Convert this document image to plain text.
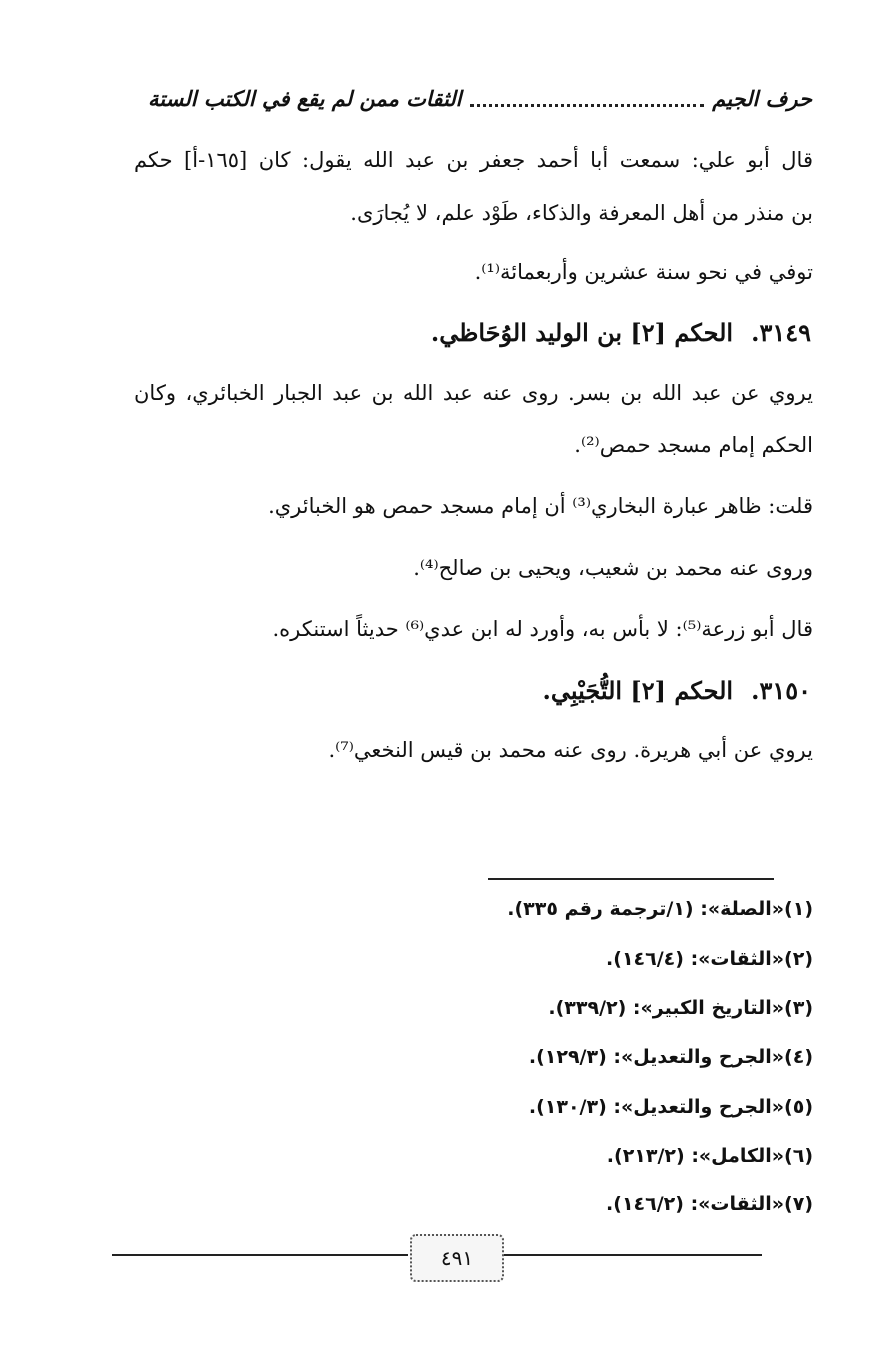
حرف الجيم
الثقات ممن لم يقع في الكتب الستة
قال أبو علي: سمعت أبا أحمد جعفر بن عبد الله يقول: كان [١٦٥-أ] حكم
بن منذر من أهل المعرفة والذكاء، طَوْد علم، لا يُجارَى.
توفي في نحو سنة عشرين وأربعمائة⁽¹⁾.
٣١٤٩.الحكم [٢] بن الوليد الوُحَاظي.
يروي عن عبد الله بن بسر. روى عنه عبد الله بن عبد الجبار الخبائري، وكان
الحكم إمام مسجد حمص⁽²⁾.
قلت: ظاهر عبارة البخاري⁽³⁾ أن إمام مسجد حمص هو الخبائري.
وروى عنه محمد بن شعيب، ويحيى بن صالح⁽⁴⁾.
قال أبو زرعة⁽⁵⁾: لا بأس به، وأورد له ابن عدي⁽⁶⁾ حديثاً استنكره.
٣١٥٠.الحكم [٢] التُّجَيْبِي.
يروي عن أبي هريرة. روى عنه محمد بن قيس النخعي⁽⁷⁾.
(١)«الصلة»: (١/ترجمة رقم ٣٣٥).
(٢)«الثقات»: (١٤٦/٤).
(٣)«التاريخ الكبير»: (٣٣٩/٢).
(٤)«الجرح والتعديل»: (١٢٩/٣).
(٥)«الجرح والتعديل»: (١٣٠/٣).
(٦)«الكامل»: (٢١٣/٢).
(٧)«الثقات»: (١٤٦/٢).
٤٩١
